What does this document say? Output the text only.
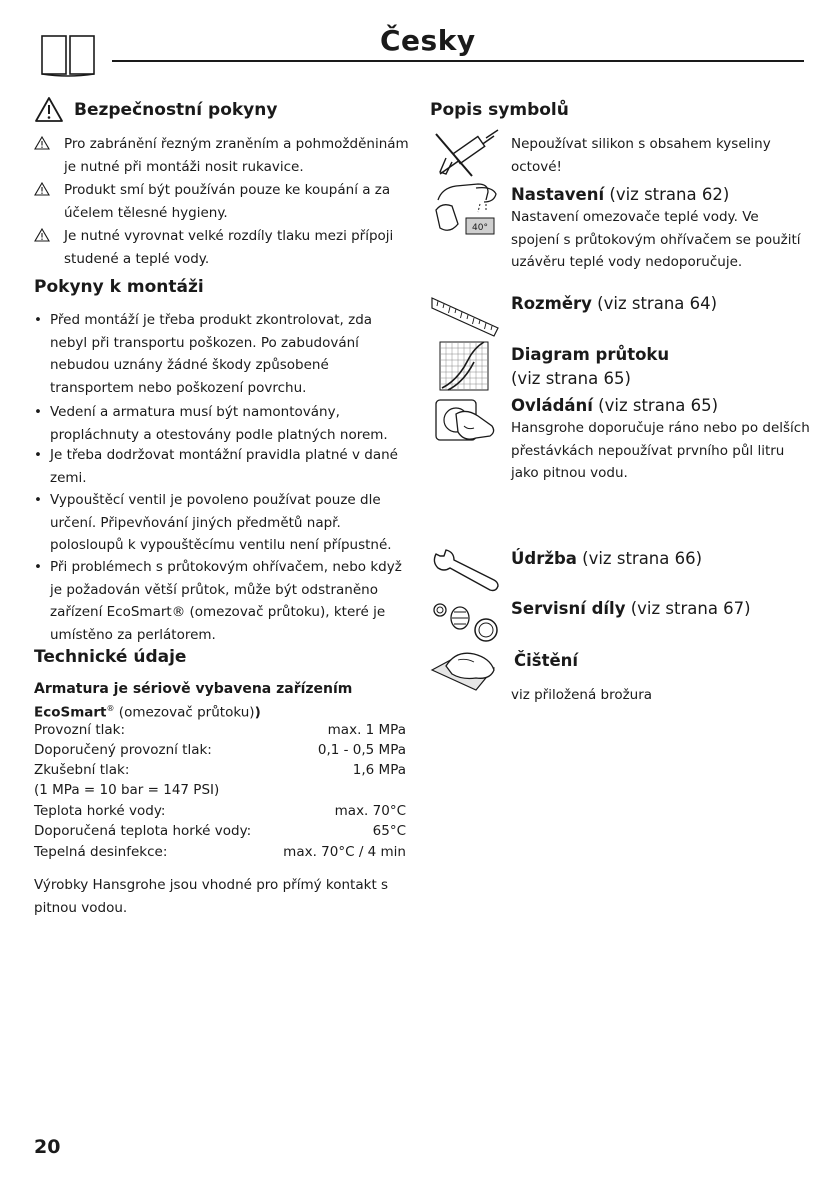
Česky
Bezpečnostní pokyny
Pro zabránění řezným zraněním a pohmožděninám je nutné při montáži nosit rukavice.
Produkt smí být používán pouze ke koupání a za účelem tělesné hygieny.
Je nutné vyrovnat velké rozdíly tlaku mezi přípoji studené a teplé vody.
Pokyny k montáži
• Před montáží je třeba produkt zkontrolovat, zda nebyl při transportu poškozen. Po zabudování nebudou uznány žádné škody způsobené transportem nebo poškození povrchu.
• Vedení a armatura musí být namontovány, propláchnuty a otestovány podle platných norem.
• Je třeba dodržovat montážní pravidla platné v dané zemi.
• Vypouštěcí ventil je povoleno používat pouze dle určení. Připevňování jiných předmětů např. polosloupů k vypouštěcímu ventilu není přípustné.
• Při problémech s průtokovým ohřívačem, nebo když je požadován větší průtok, může být odstraněno zařízení EcoSmart® (omezovač průtoku), které je umístěno za perlátorem.
Technické údaje
Armatura je sériově vybavena zařízením
EcoSmart® (omezovač průtoku))
Provozní tlak:	max. 1 MPa
Doporučený provozní tlak:	0,1 - 0,5 MPa
Zkušební tlak:	1,6 MPa
(1 MPa = 10 bar = 147 PSI)
Teplota horké vody:	max. 70°C
Doporučená teplota horké vody:	65°C
Tepelná desinfekce:	max. 70°C / 4 min
Výrobky Hansgrohe jsou vhodné pro přímý kontakt s pitnou vodou.
Popis symbolů
Nepoužívat silikon s obsahem kyseliny octové!
40°
Nastavení (viz strana 62)
Nastavení omezovače teplé vody. Ve spojení s průtokovým ohřívačem se použití uzávěru teplé vody nedoporučuje.
Rozměry (viz strana 64)
Diagram průtoku
(viz strana 65)
Ovládání (viz strana 65)
Hansgrohe doporučuje ráno nebo po delších přestávkách nepoužívat prvního půl litru jako pitnou vodu.
Údržba (viz strana 66)
Servisní díly (viz strana 67)
Čištění
viz přiložená brožura
20
